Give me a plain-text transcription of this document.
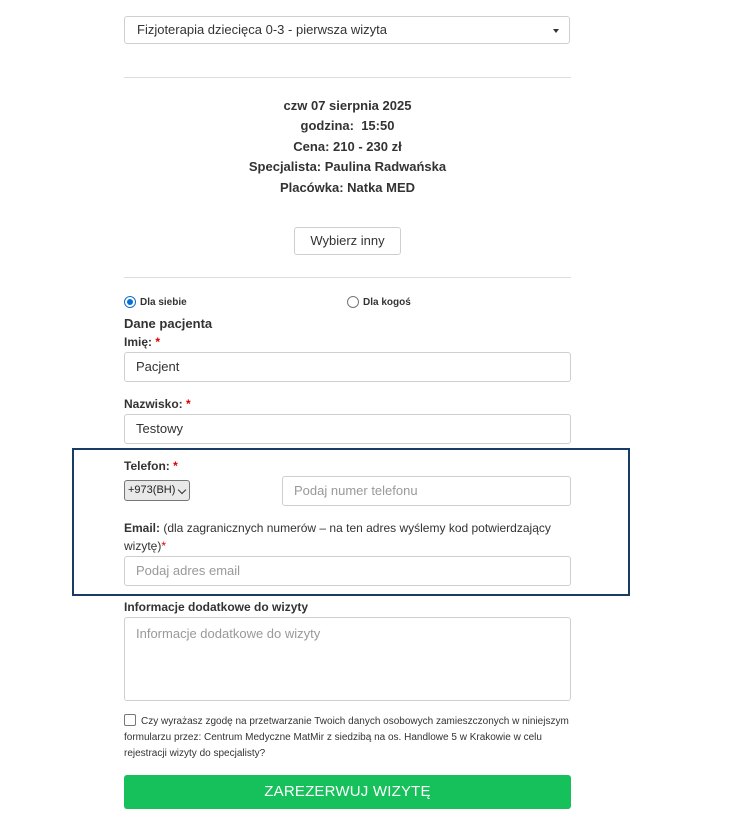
Fizjoterapia dziecięca 0-3 - pierwsza wizyta
czw 07 sierpnia 2025
godzina:  15:50
Cena: 210 - 230 zł
Specjalista: Paulina Radwańska
Placówka: Natka MED
Wybierz inny
Dla siebie	Dla kogoś
Dane pacjenta
Imię: *
Pacjent
Nazwisko: *
Testowy
Telefon: *
+973(BH)	Podaj numer telefonu
Email: (dla zagranicznych numerów – na ten adres wyślemy kod potwierdzający wizytę)*
Podaj adres email
Informacje dodatkowe do wizyty
Informacje dodatkowe do wizyty
Czy wyrażasz zgodę na przetwarzanie Twoich danych osobowych zamieszczonych w niniejszym formularzu przez: Centrum Medyczne MatMir z siedzibą na os. Handlowe 5 w Krakowie w celu rejestracji wizyty do specjalisty?
ZAREZERWUJ WIZYTĘ
